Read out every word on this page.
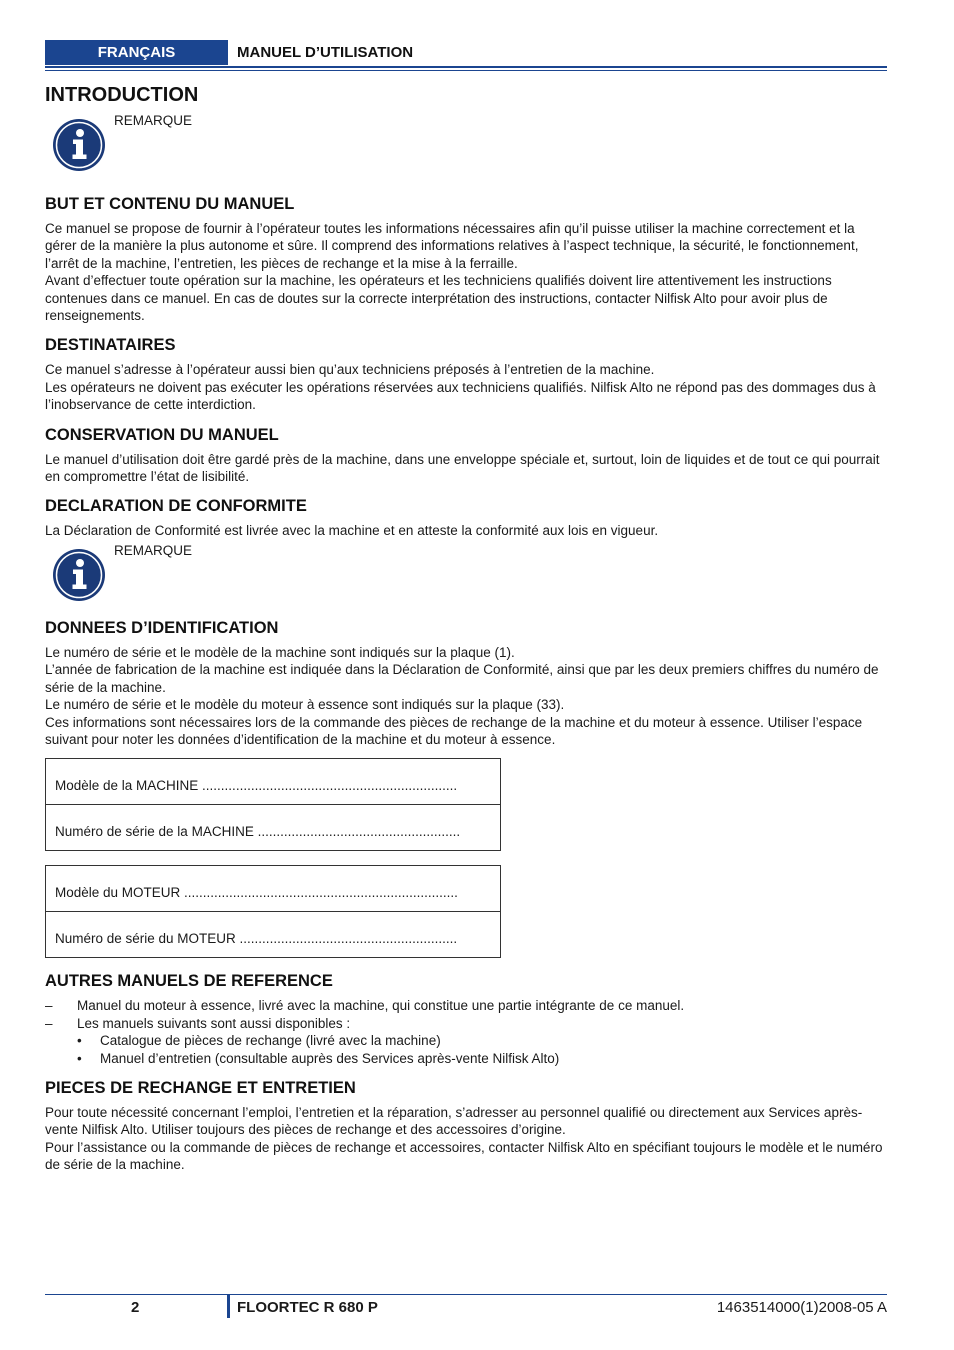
FRANÇAIS	MANUEL D’UTILISATION
INTRODUCTION
REMARQUE
BUT ET CONTENU DU MANUEL

Ce manuel se propose de fournir à l’opérateur toutes les informations nécessaires afin qu’il puisse utiliser la machine correctement et la gérer de la manière la plus autonome et sûre. Il comprend des informations relatives à l’aspect technique, la sécurité, le fonctionnement, l’arrêt de la machine, l’entretien, les pièces de rechange et la mise à la ferraille.

Avant d’effectuer toute opération sur la machine, les opérateurs et les techniciens qualifiés doivent lire attentivement les instructions contenues dans ce manuel. En cas de doutes sur la correcte interprétation des instructions, contacter Nilfisk Alto pour avoir plus de renseignements.

DESTINATAIRES

Ce manuel s’adresse à l’opérateur aussi bien qu’aux techniciens préposés à l’entretien de la machine.

Les opérateurs ne doivent pas exécuter les opérations réservées aux techniciens qualifiés. Nilfisk Alto ne répond pas des dommages dus à l’inobservance de cette interdiction.

CONSERVATION DU MANUEL

Le manuel d’utilisation doit être gardé près de la machine, dans une enveloppe spéciale et, surtout, loin de liquides et de tout ce qui pourrait en compromettre l’état de lisibilité.

DECLARATION DE CONFORMITE

La Déclaration de Conformité est livrée avec la machine et en atteste la conformité aux lois en vigueur.

REMARQUE
DONNEES D’IDENTIFICATION

Le numéro de série et le modèle de la machine sont indiqués sur la plaque (1).

L’année de fabrication de la machine est indiquée dans la Déclaration de Conformité, ainsi que par les deux premiers chiffres du numéro de série de la machine.

Le numéro de série et le modèle du moteur à essence sont indiqués sur la plaque (33).

Ces informations sont nécessaires lors de la commande des pièces de rechange de la machine et du moteur à essence. Utiliser l’espace suivant pour noter les données d’identification de la machine et du moteur à essence.

Modèle de la MACHINE ....................................................................
Numéro de série de la MACHINE ......................................................
Modèle du MOTEUR .........................................................................
Numéro de série du MOTEUR ..........................................................
AUTRES MANUELS DE REFERENCE
– Manuel du moteur à essence, livré avec la machine, qui constitue une partie intégrante de ce manuel.
– Les manuels suivants sont aussi disponibles :
• Catalogue de pièces de rechange (livré avec la machine)
• Manuel d’entretien (consultable auprès des Services après-vente Nilfisk Alto)
PIECES DE RECHANGE ET ENTRETIEN

Pour toute nécessité concernant l’emploi, l’entretien et la réparation, s’adresser au personnel qualifié ou directement aux Services après-vente Nilfisk Alto. Utiliser toujours des pièces de rechange et des accessoires d’origine.

Pour l’assistance ou la commande de pièces de rechange et accessoires, contacter Nilfisk Alto en spécifiant toujours le modèle et le numéro de série de la machine.

2	FLOORTEC R 680 P	1463514000(1)2008-05 A
